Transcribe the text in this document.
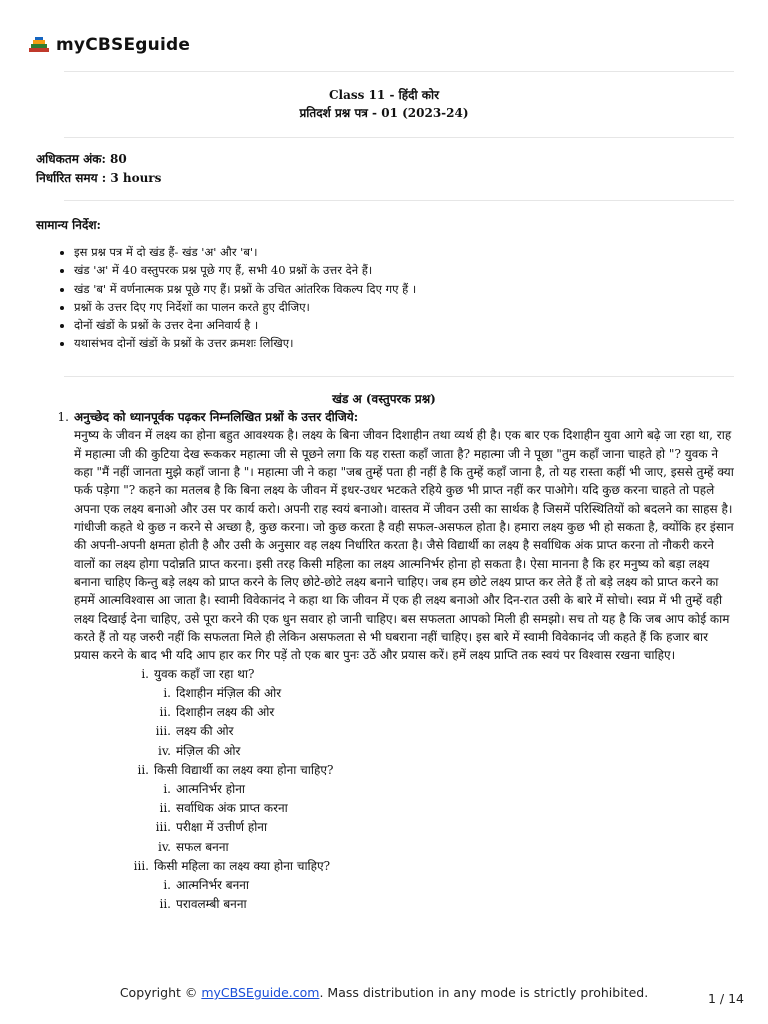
myCBSEguide
Class 11 - हिंदी कोर
प्रतिदर्श प्रश्न पत्र - 01 (2023-24)
अधिकतम अंक: 80
निर्धारित समय : 3 hours
सामान्य निर्देश:
• इस प्रश्न पत्र में दो खंड हैं- खंड 'अ' और 'ब'।
• खंड 'अ' में 40 वस्तुपरक प्रश्न पूछे गए हैं, सभी 40 प्रश्नों के उत्तर देने हैं।
• खंड 'ब' में वर्णनात्मक प्रश्न पूछे गए हैं। प्रश्नों के उचित आंतरिक विकल्प दिए गए हैं ।
• प्रश्नों के उत्तर दिए गए निर्देशों का पालन करते हुए दीजिए।
• दोनों खंडों के प्रश्नों के उत्तर देना अनिवार्य है ।
• यथासंभव दोनों खंडों के प्रश्नों के उत्तर क्रमशः लिखिए।
खंड अ (वस्तुपरक प्रश्न)
1. अनुच्छेद को ध्यानपूर्वक पढ़कर निम्नलिखित प्रश्नों के उत्तर दीजिये:

मनुष्य के जीवन में लक्ष्य का होना बहुत आवश्यक है। लक्ष्य के बिना जीवन दिशाहीन तथा व्यर्थ ही है। एक बार एक दिशाहीन युवा आगे बढ़े जा रहा था, राह में महात्मा जी की कुटिया देख रूककर महात्मा जी से पूछने लगा कि यह रास्ता कहाँ जाता है? महात्मा जी ने पूछा "तुम कहाँ जाना चाहते हो "? युवक ने कहा "मैं नहीं जानता मुझे कहाँ जाना है "। महात्मा जी ने कहा "जब तुम्हें पता ही नहीं है कि तुम्हें कहाँ जाना है, तो यह रास्ता कहीं भी जाए, इससे तुम्हें क्या फर्क पड़ेगा "? कहने का मतलब है कि बिना लक्ष्य के जीवन में इधर-उधर भटकते रहिये कुछ भी प्राप्त नहीं कर पाओगे। यदि कुछ करना चाहते तो पहले अपना एक लक्ष्य बनाओ और उस पर कार्य करो। अपनी राह स्वयं बनाओ। वास्तव में जीवन उसी का सार्थक है जिसमें परिस्थितियों को बदलने का साहस है।

गांधीजी कहते थे कुछ न करने से अच्छा है, कुछ करना। जो कुछ करता है वही सफल-असफल होता है। हमारा लक्ष्य कुछ भी हो सकता है, क्योंकि हर इंसान की अपनी-अपनी क्षमता होती है और उसी के अनुसार वह लक्ष्य निर्धारित करता है। जैसे विद्यार्थी का लक्ष्य है सर्वाधिक अंक प्राप्त करना तो नौकरी करने वालों का लक्ष्य होगा पदोन्नति प्राप्त करना। इसी तरह किसी महिला का लक्ष्य आत्मनिर्भर होना हो सकता है। ऐसा मानना है कि हर मनुष्य को बड़ा लक्ष्य बनाना चाहिए किन्तु बड़े लक्ष्य को प्राप्त करने के लिए छोटे-छोटे लक्ष्य बनाने चाहिए। जब हम छोटे लक्ष्य प्राप्त कर लेते हैं तो बड़े लक्ष्य को प्राप्त करने का हममें आत्मविश्वास आ जाता है। स्वामी विवेकानंद ने कहा था कि जीवन में एक ही लक्ष्य बनाओ और दिन-रात उसी के बारे में सोचो। स्वप्न में भी तुम्हें वही लक्ष्य दिखाई देना चाहिए, उसे पूरा करने की एक धुन सवार हो जानी चाहिए। बस सफलता आपको मिली ही समझो। सच तो यह है कि जब आप कोई काम करते हैं तो यह जरुरी नहीं कि सफलता मिले ही लेकिन असफलता से भी घबराना नहीं चाहिए। इस बारे में स्वामी विवेकानंद जी कहते हैं कि हजार बार प्रयास करने के बाद भी यदि आप हार कर गिर पड़ें तो एक बार पुनः उठें और प्रयास करें। हमें लक्ष्य प्राप्ति तक स्वयं पर विश्वास रखना चाहिए।

i. युवक कहाँ जा रहा था?
i. दिशाहीन मंज़िल की ओर
ii. दिशाहीन लक्ष्य की ओर
iii. लक्ष्य की ओर
iv. मंज़िल की ओर
ii. किसी विद्यार्थी का लक्ष्य क्या होना चाहिए?
i. आत्मनिर्भर होना
ii. सर्वाधिक अंक प्राप्त करना
iii. परीक्षा में उत्तीर्ण होना
iv. सफल बनना
iii. किसी महिला का लक्ष्य क्या होना चाहिए?
i. आत्मनिर्भर बनना
ii. परावलम्बी बनना
Copyright © myCBSEguide.com. Mass distribution in any mode is strictly prohibited.	1 / 14
